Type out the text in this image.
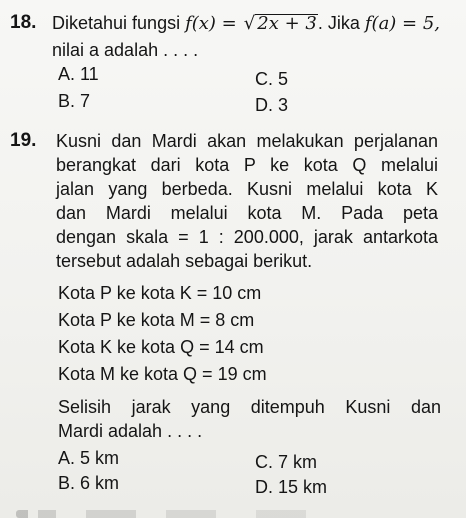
18. Diketahui fungsi f(x) = √ 2x + 3. Jika f(a) = 5,
nilai a adalah . . . .
A. 11
B. 7
C. 5
D. 3
19. Kusni dan Mardi akan melakukan perjalanan
berangkat dari kota P ke kota Q melalui
jalan yang berbeda. Kusni melalui kota K
dan Mardi melalui kota M. Pada peta
dengan skala = 1 : 200.000, jarak antarkota
tersebut adalah sebagai berikut.
Kota P ke kota K = 10 cm
Kota P ke kota M = 8 cm
Kota K ke kota Q = 14 cm
Kota M ke kota Q = 19 cm
Selisih jarak yang ditempuh Kusni dan
Mardi adalah . . . .
A. 5 km
B. 6 km
C. 7 km
D. 15 km
